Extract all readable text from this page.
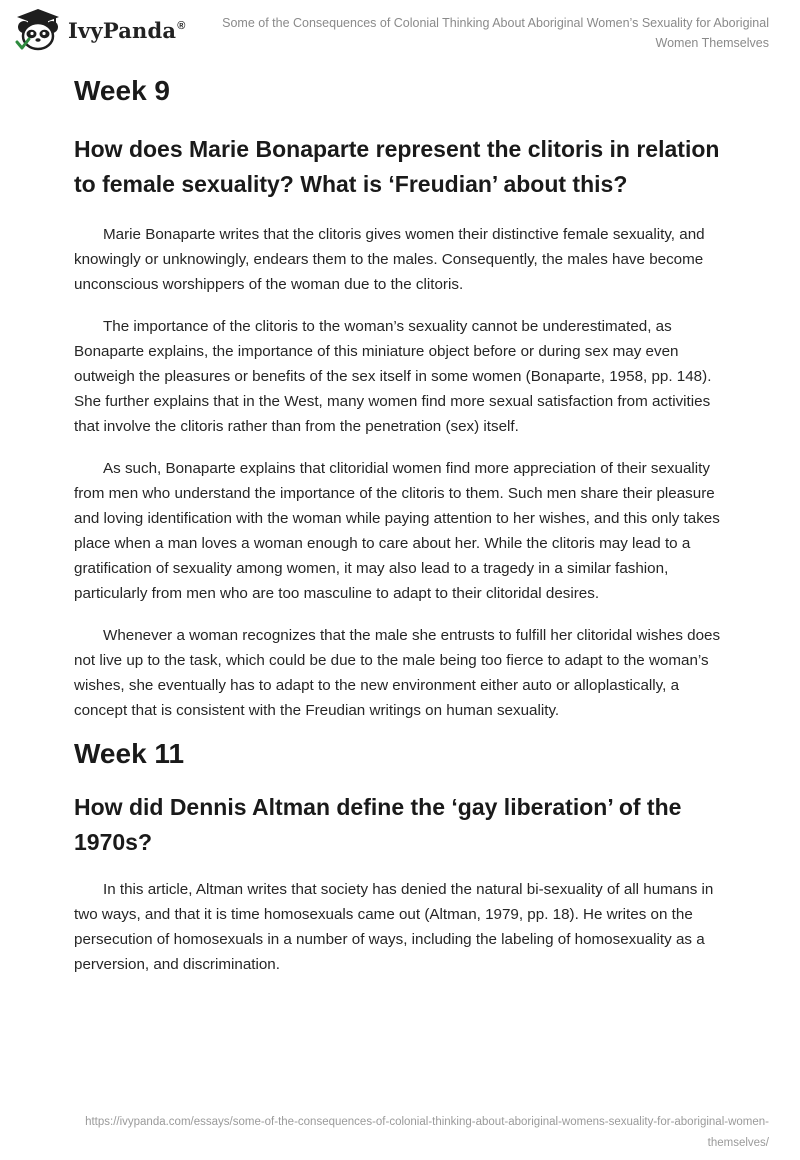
IvyPanda®	Some of the Consequences of Colonial Thinking About Aboriginal Women’s Sexuality for Aboriginal Women Themselves
Week 9
How does Marie Bonaparte represent the clitoris in relation to female sexuality? What is ‘Freudian’ about this?

Marie Bonaparte writes that the clitoris gives women their distinctive female sexuality, and knowingly or unknowingly, endears them to the males. Consequently, the males have become unconscious worshippers of the woman due to the clitoris.

The importance of the clitoris to the woman’s sexuality cannot be underestimated, as Bonaparte explains, the importance of this miniature object before or during sex may even outweigh the pleasures or benefits of the sex itself in some women (Bonaparte, 1958, pp. 148). She further explains that in the West, many women find more sexual satisfaction from activities that involve the clitoris rather than from the penetration (sex) itself.

As such, Bonaparte explains that clitoridial women find more appreciation of their sexuality from men who understand the importance of the clitoris to them. Such men share their pleasure and loving identification with the woman while paying attention to her wishes, and this only takes place when a man loves a woman enough to care about her. While the clitoris may lead to a gratification of sexuality among women, it may also lead to a tragedy in a similar fashion, particularly from men who are too masculine to adapt to their clitoridal desires.

Whenever a woman recognizes that the male she entrusts to fulfill her clitoridal wishes does not live up to the task, which could be due to the male being too fierce to adapt to the woman’s wishes, she eventually has to adapt to the new environment either auto or alloplastically, a concept that is consistent with the Freudian writings on human sexuality.

Week 11
How did Dennis Altman define the ‘gay liberation’ of the 1970s?

In this article, Altman writes that society has denied the natural bi-sexuality of all humans in two ways, and that it is time homosexuals came out (Altman, 1979, pp. 18). He writes on the persecution of homosexuals in a number of ways, including the labeling of homosexuality as a perversion, and discrimination.

https://ivypanda.com/essays/some-of-the-consequences-of-colonial-thinking-about-aboriginal-womens-sexuality-for-aboriginal-women-themselves/
